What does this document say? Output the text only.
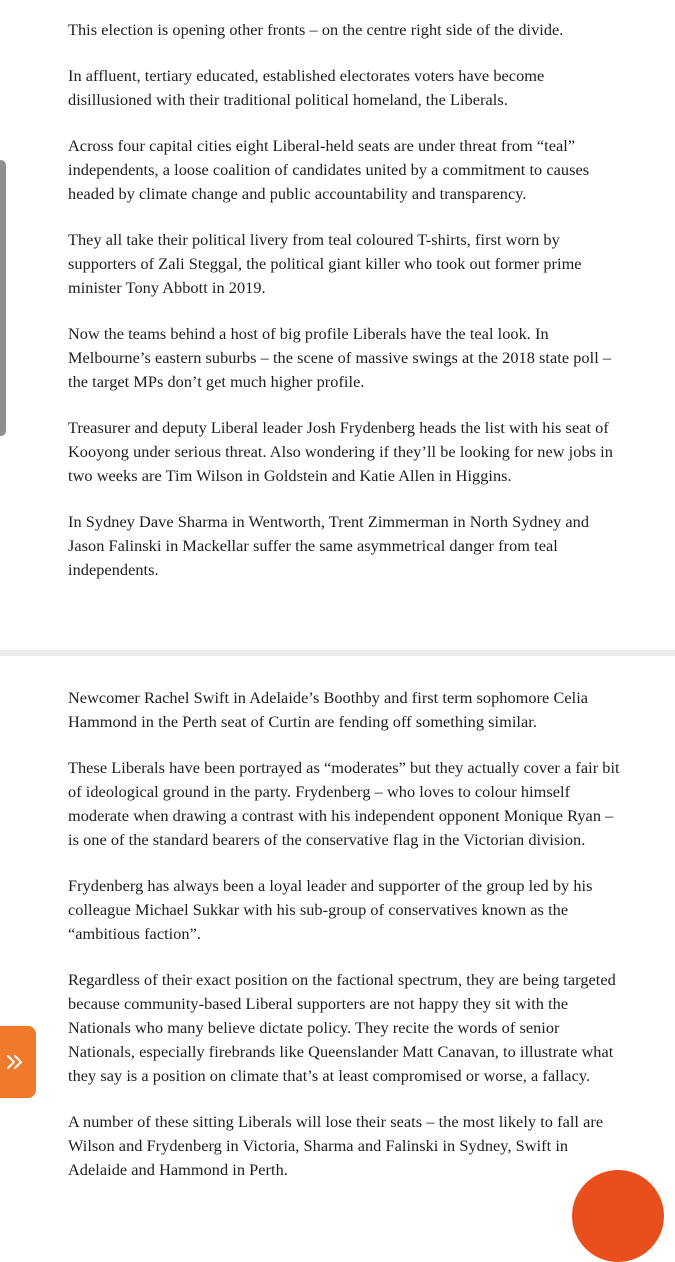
This election is opening other fronts – on the centre right side of the divide.

In affluent, tertiary educated, established electorates voters have become disillusioned with their traditional political homeland, the Liberals.

Across four capital cities eight Liberal-held seats are under threat from “teal” independents, a loose coalition of candidates united by a commitment to causes headed by climate change and public accountability and transparency.

They all take their political livery from teal coloured T-shirts, first worn by supporters of Zali Steggal, the political giant killer who took out former prime minister Tony Abbott in 2019.

Now the teams behind a host of big profile Liberals have the teal look. In Melbourne’s eastern suburbs – the scene of massive swings at the 2018 state poll – the target MPs don’t get much higher profile.

Treasurer and deputy Liberal leader Josh Frydenberg heads the list with his seat of Kooyong under serious threat. Also wondering if they’ll be looking for new jobs in two weeks are Tim Wilson in Goldstein and Katie Allen in Higgins.

In Sydney Dave Sharma in Wentworth, Trent Zimmerman in North Sydney and Jason Falinski in Mackellar suffer the same asymmetrical danger from teal independents.

Newcomer Rachel Swift in Adelaide’s Boothby and first term sophomore Celia Hammond in the Perth seat of Curtin are fending off something similar.

These Liberals have been portrayed as “moderates” but they actually cover a fair bit of ideological ground in the party. Frydenberg – who loves to colour himself moderate when drawing a contrast with his independent opponent Monique Ryan – is one of the standard bearers of the conservative flag in the Victorian division.

Frydenberg has always been a loyal leader and supporter of the group led by his colleague Michael Sukkar with his sub-group of conservatives known as the “ambitious faction”.

Regardless of their exact position on the factional spectrum, they are being targeted because community-based Liberal supporters are not happy they sit with the Nationals who many believe dictate policy. They recite the words of senior Nationals, especially firebrands like Queenslander Matt Canavan, to illustrate what they say is a position on climate that’s at least compromised or worse, a fallacy.

A number of these sitting Liberals will lose their seats – the most likely to fall are Wilson and Frydenberg in Victoria, Sharma and Falinski in Sydney, Swift in Adelaide and Hammond in Perth.
